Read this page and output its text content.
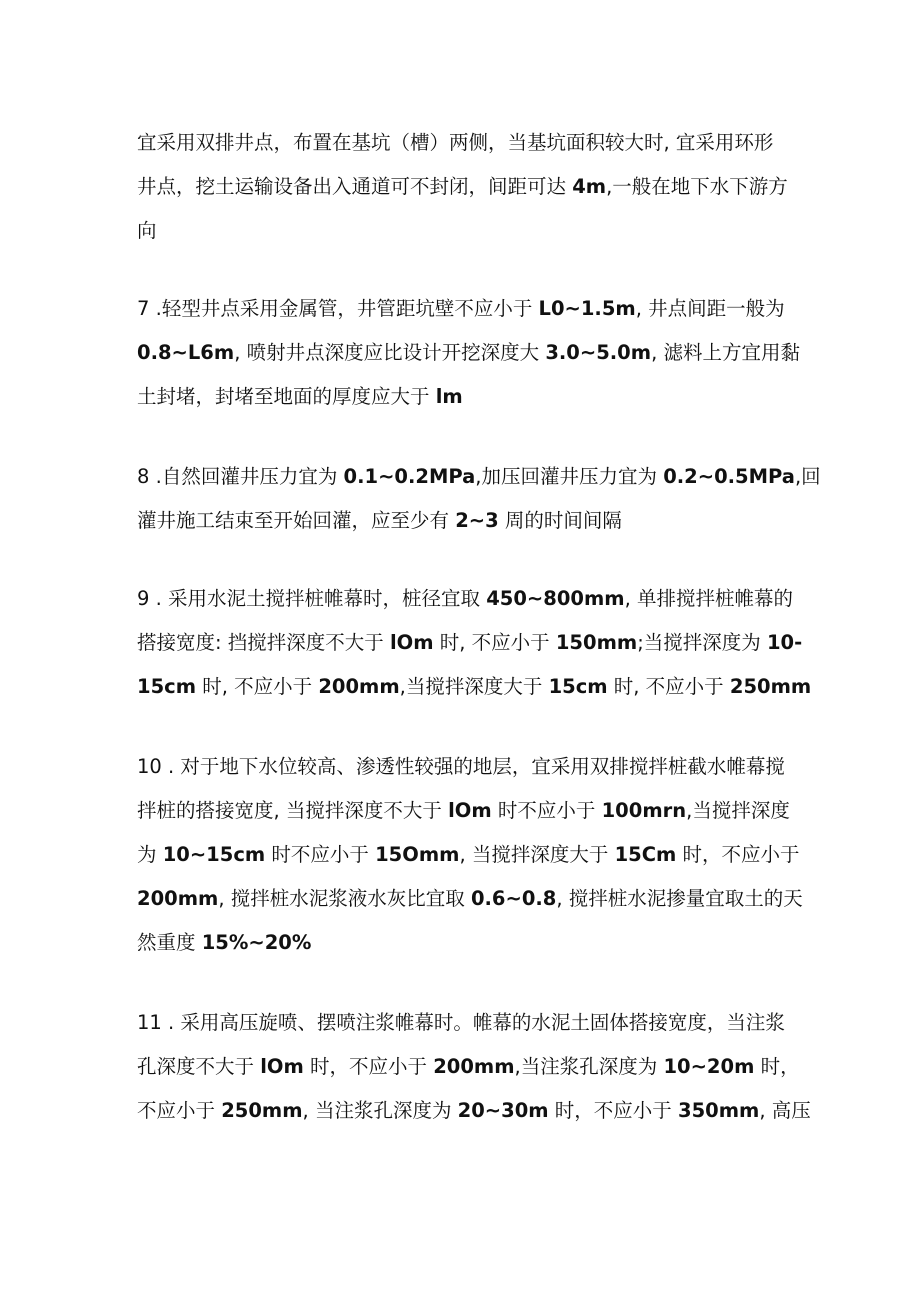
宜采用双排井点，布置在基坑（槽）两侧，当基坑面积较大时, 宜采用环形
井点，挖土运输设备出入通道可不封闭，间距可达 4m,一般在地下水下游方
向

7 .轻型井点采用金属管，井管距坑壁不应小于 L0~1.5m, 井点间距一般为
0.8~L6m, 喷射井点深度应比设计开挖深度大 3.0~5.0m, 滤料上方宜用黏
土封堵，封堵至地面的厚度应大于 lm

8 .自然回灌井压力宜为 0.1~0.2MPa,加压回灌井压力宜为 0.2~0.5MPa,回
灌井施工结束至开始回灌，应至少有 2~3 周的时间间隔

9 . 采用水泥土搅拌桩帷幕时，桩径宜取 450~800mm, 单排搅拌桩帷幕的
搭接宽度: 挡搅拌深度不大于 lOm 时, 不应小于 150mm;当搅拌深度为 10-
15cm 时, 不应小于 200mm,当搅拌深度大于 15cm 时, 不应小于 250mm

10 . 对于地下水位较高、渗透性较强的地层，宜采用双排搅拌桩截水帷幕搅
拌桩的搭接宽度, 当搅拌深度不大于 lOm 时不应小于 100mrn,当搅拌深度
为 10~15cm 时不应小于 15Omm, 当搅拌深度大于 15Cm 时，不应小于
200mm, 搅拌桩水泥浆液水灰比宜取 0.6~0.8, 搅拌桩水泥掺量宜取土的天
然重度 15%~20%

11 . 采用高压旋喷、摆喷注浆帷幕时。帷幕的水泥土固体搭接宽度，当注浆
孔深度不大于 lOm 时，不应小于 200mm,当注浆孔深度为 10~20m 时，
不应小于 250mm, 当注浆孔深度为 20~30m 时，不应小于 350mm, 高压
